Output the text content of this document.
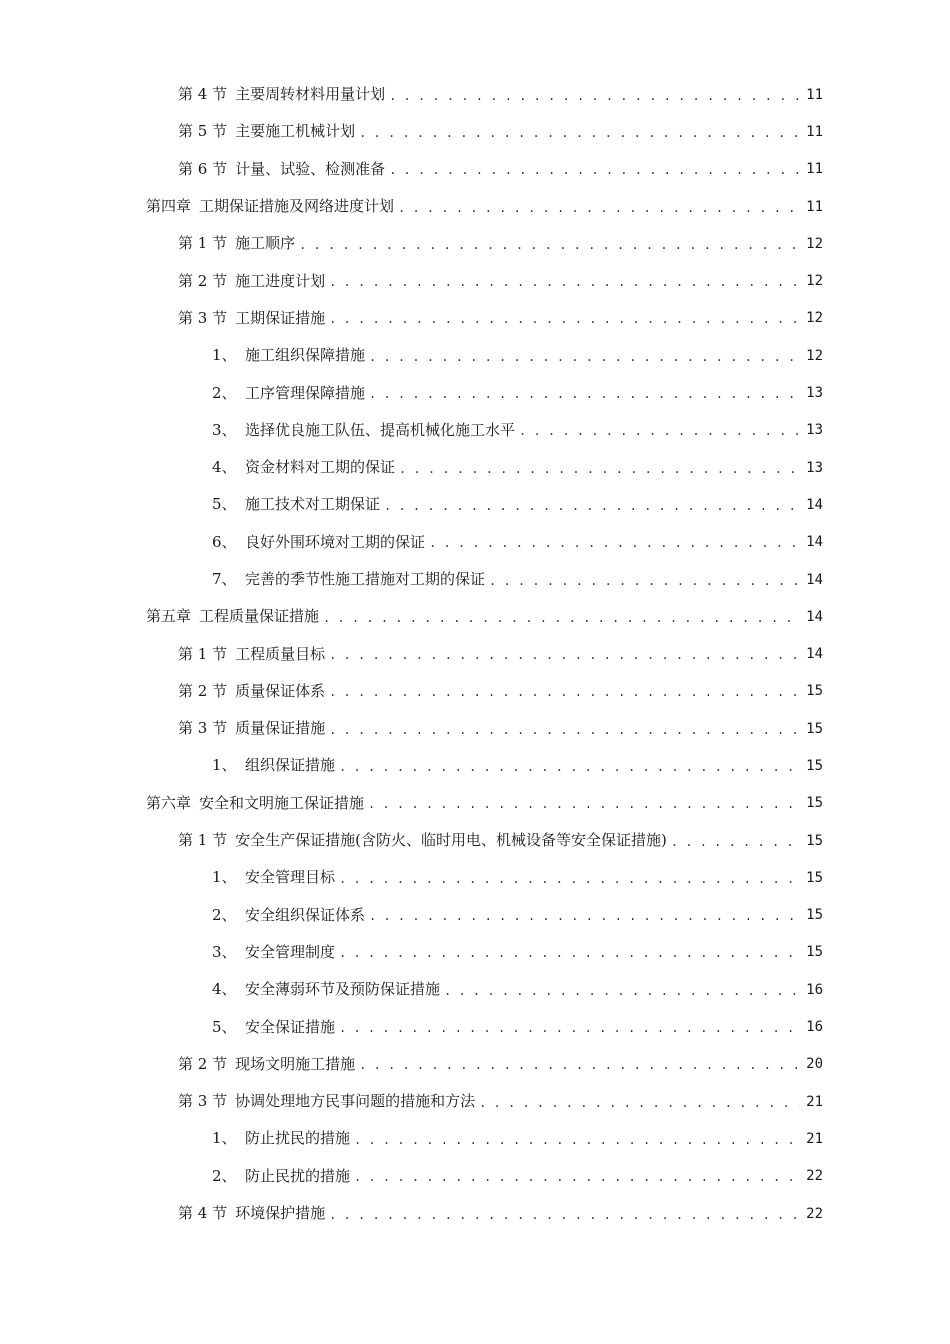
第 4 节 主要周转材料用量计划 . . .	11
第 5 节 主要施工机械计划 . . .	11
第 6 节 计量、试验、检测准备 . . .	11
第四章 工期保证措施及网络进度计划 . . .	11
第 1 节 施工顺序 . . .	12
第 2 节 施工进度计划 . . .	12
第 3 节 工期保证措施 . . .	12
1、 施工组织保障措施 . . .	12
2、 工序管理保障措施 . . .	13
3、 选择优良施工队伍、提高机械化施工水平 . . .	13
4、 资金材料对工期的保证 . . .	13
5、 施工技术对工期保证 . . .	14
6、 良好外围环境对工期的保证 . . .	14
7、 完善的季节性施工措施对工期的保证 . . .	14
第五章 工程质量保证措施 . . .	14
第 1 节 工程质量目标 . . .	14
第 2 节 质量保证体系 . . .	15
第 3 节 质量保证措施 . . .	15
1、 组织保证措施 . . .	15
第六章 安全和文明施工保证措施 . . .	15
第 1 节 安全生产保证措施(含防火、临时用电、机械设备等安全保证措施) . . .	15
1、 安全管理目标 . . .	15
2、 安全组织保证体系 . . .	15
3、 安全管理制度 . . .	15
4、 安全薄弱环节及预防保证措施 . . .	16
5、 安全保证措施 . . .	16
第 2 节 现场文明施工措施 . . .	20
第 3 节 协调处理地方民事问题的措施和方法 . . .	21
1、 防止扰民的措施 . . .	21
2、 防止民扰的措施 . . .	22
第 4 节 环境保护措施 . . .	22
